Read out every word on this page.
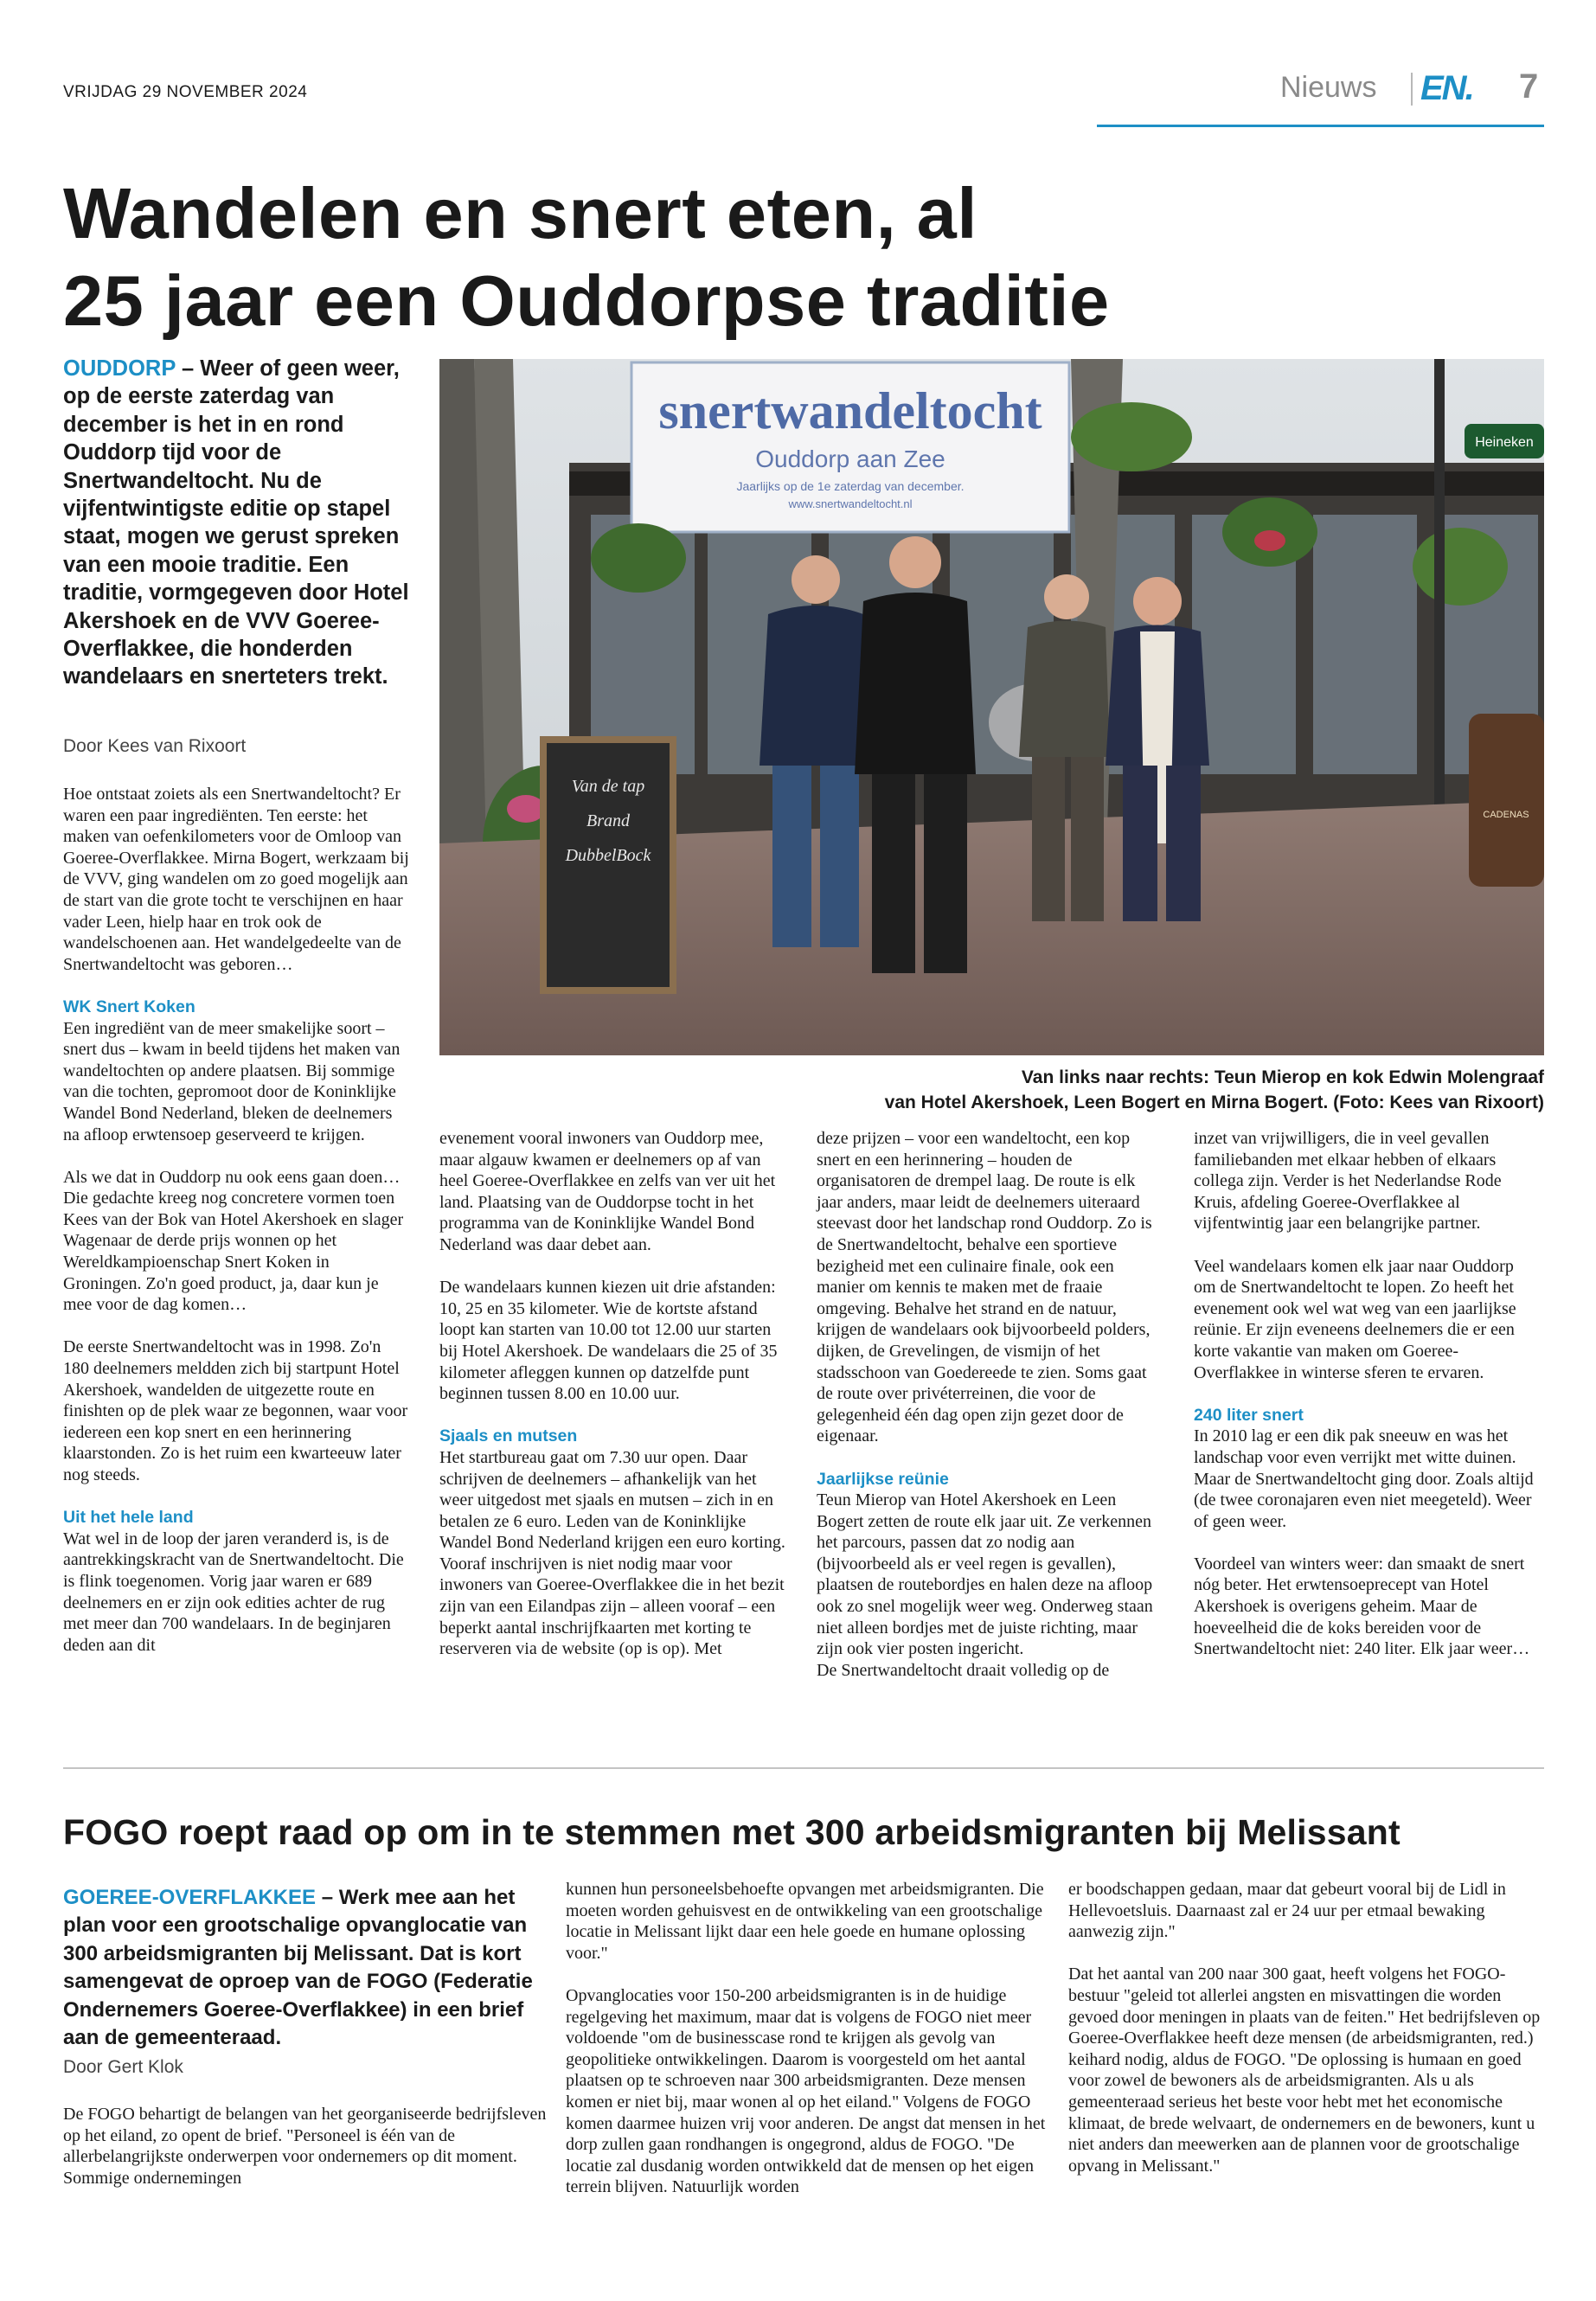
VRIJDAG 29 NOVEMBER 2024	Nieuws EN. 7
Wandelen en snert eten, al
25 jaar een Ouddorpse traditie
OUDDORP – Weer of geen weer, op de eerste zaterdag van december is het in en rond Ouddorp tijd voor de Snertwandeltocht. Nu de vijfentwintigste editie op stapel staat, mogen we gerust spreken van een mooie traditie. Een traditie, vormgegeven door Hotel Akershoek en de VVV Goeree-Overflakkee, die honderden wandelaars en snerteters trekt.
Door Kees van Rixoort

Hoe ontstaat zoiets als een Snertwandeltocht? Er waren een paar ingrediënten. Ten eerste: het maken van oefenkilometers voor de Omloop van Goeree-Overflakkee. Mirna Bogert, werkzaam bij de VVV, ging wandelen om zo goed mogelijk aan de start van die grote tocht te verschijnen en haar vader Leen, hielp haar en trok ook de wandelschoenen aan. Het wandelgedeelte van de Snertwandeltocht was geboren…

WK Snert Koken

Een ingrediënt van de meer smakelijke soort – snert dus – kwam in beeld tijdens het maken van wandeltochten op andere plaatsen. Bij sommige van die tochten, gepromoot door de Koninklijke Wandel Bond Nederland, bleken de deelnemers na afloop erwtensoep geserveerd te krijgen.

Als we dat in Ouddorp nu ook eens gaan doen… Die gedachte kreeg nog concretere vormen toen Kees van der Bok van Hotel Akershoek en slager Wagenaar de derde prijs wonnen op het Wereldkampioenschap Snert Koken in Groningen. Zo'n goed product, ja, daar kun je mee voor de dag komen…

De eerste Snertwandeltocht was in 1998. Zo'n 180 deelnemers meldden zich bij startpunt Hotel Akershoek, wandelden de uitgezette route en finishten op de plek waar ze begonnen, waar voor iedereen een kop snert en een herinnering klaarstonden. Zo is het ruim een kwarteeuw later nog steeds.

Uit het hele land

Wat wel in de loop der jaren veranderd is, is de aantrekkingskracht van de Snertwandeltocht. Die is flink toegenomen. Vorig jaar waren er 689 deelnemers en er zijn ook edities achter de rug met meer dan 700 wandelaars. In de beginjaren deden aan dit

snertwandeltocht
Ouddorp aan Zee
Jaarlijks op de 1e zaterdag van december.
www.snertwandeltocht.nl
Heineken
Van de tap
Brand
DubbelBock
CADENAS
Van links naar rechts: Teun Mierop en kok Edwin Molengraaf
van Hotel Akershoek, Leen Bogert en Mirna Bogert. (Foto: Kees van Rixoort)

evenement vooral inwoners van Ouddorp mee, maar algauw kwamen er deelnemers op af van heel Goeree-Overflakkee en zelfs van ver uit het land. Plaatsing van de Ouddorpse tocht in het programma van de Koninklijke Wandel Bond Nederland was daar debet aan.

De wandelaars kunnen kiezen uit drie afstanden: 10, 25 en 35 kilometer. Wie de kortste afstand loopt kan starten van 10.00 tot 12.00 uur starten bij Hotel Akershoek. De wandelaars die 25 of 35 kilometer afleggen kunnen op datzelfde punt beginnen tussen 8.00 en 10.00 uur.

Sjaals en mutsen

Het startbureau gaat om 7.30 uur open. Daar schrijven de deelnemers – afhankelijk van het weer uitgedost met sjaals en mutsen – zich in en betalen ze 6 euro. Leden van de Koninklijke Wandel Bond Nederland krijgen een euro korting. Vooraf inschrijven is niet nodig maar voor inwoners van Goeree-Overflakkee die in het bezit zijn van een Eilandpas zijn – alleen vooraf – een beperkt aantal inschrijfkaarten met korting te reserveren via de website (op is op). Met

deze prijzen – voor een wandeltocht, een kop snert en een herinnering – houden de organisatoren de drempel laag. De route is elk jaar anders, maar leidt de deelnemers uiteraard steevast door het landschap rond Ouddorp. Zo is de Snertwandeltocht, behalve een sportieve bezigheid met een culinaire finale, ook een manier om kennis te maken met de fraaie omgeving. Behalve het strand en de natuur, krijgen de wandelaars ook bijvoorbeeld polders, dijken, de Grevelingen, de vismijn of het stadsschoon van Goedereede te zien. Soms gaat de route over privéterreinen, die voor de gelegenheid één dag open zijn gezet door de eigenaar.

Jaarlijkse reünie

Teun Mierop van Hotel Akershoek en Leen Bogert zetten de route elk jaar uit. Ze verkennen het parcours, passen dat zo nodig aan (bijvoorbeeld als er veel regen is gevallen), plaatsen de routebordjes en halen deze na afloop ook zo snel mogelijk weer weg. Onderweg staan niet alleen bordjes met de juiste richting, maar zijn ook vier posten ingericht.

De Snertwandeltocht draait volledig op de

inzet van vrijwilligers, die in veel gevallen familiebanden met elkaar hebben of elkaars collega zijn. Verder is het Nederlandse Rode Kruis, afdeling Goeree-Overflakkee al vijfentwintig jaar een belangrijke partner.

Veel wandelaars komen elk jaar naar Ouddorp om de Snertwandeltocht te lopen. Zo heeft het evenement ook wel wat weg van een jaarlijkse reünie. Er zijn eveneens deelnemers die er een korte vakantie van maken om Goeree-Overflakkee in winterse sferen te ervaren.

240 liter snert

In 2010 lag er een dik pak sneeuw en was het landschap voor even verrijkt met witte duinen. Maar de Snertwandeltocht ging door. Zoals altijd (de twee coronajaren even niet meegeteld). Weer of geen weer.

Voordeel van winters weer: dan smaakt de snert nóg beter. Het erwtensoeprecept van Hotel Akershoek is overigens geheim. Maar de hoeveelheid die de koks bereiden voor de Snertwandeltocht niet: 240 liter. Elk jaar weer…

FOGO roept raad op om in te stemmen met 300 arbeidsmigranten bij Melissant
GOEREE-OVERFLAKKEE – Werk mee aan het plan voor een grootschalige opvanglocatie van 300 arbeidsmigranten bij Melissant. Dat is kort samengevat de oproep van de FOGO (Federatie Ondernemers Goeree-Overflakkee) in een brief aan de gemeenteraad.
Door Gert Klok

De FOGO behartigt de belangen van het georganiseerde bedrijfsleven op het eiland, zo opent de brief. "Personeel is één van de allerbelangrijkste onderwerpen voor ondernemers op dit moment. Sommige ondernemingen

kunnen hun personeelsbehoefte opvangen met arbeidsmigranten. Die moeten worden gehuisvest en de ontwikkeling van een grootschalige locatie in Melissant lijkt daar een hele goede en humane oplossing voor."

Opvanglocaties voor 150-200 arbeidsmigranten is in de huidige regelgeving het maximum, maar dat is volgens de FOGO niet meer voldoende "om de businesscase rond te krijgen als gevolg van geopolitieke ontwikkelingen. Daarom is voorgesteld om het aantal plaatsen op te schroeven naar 300 arbeidsmigranten. Deze mensen komen er niet bij, maar wonen al op het eiland." Volgens de FOGO komen daarmee huizen vrij voor anderen. De angst dat mensen in het dorp zullen gaan rondhangen is ongegrond, aldus de FOGO. "De locatie zal dusdanig worden ontwikkeld dat de mensen op het eigen terrein blijven. Natuurlijk worden

er boodschappen gedaan, maar dat gebeurt vooral bij de Lidl in Hellevoetsluis. Daarnaast zal er 24 uur per etmaal bewaking aanwezig zijn."

Dat het aantal van 200 naar 300 gaat, heeft volgens het FOGO-bestuur "geleid tot allerlei angsten en misvattingen die worden gevoed door meningen in plaats van de feiten." Het bedrijfsleven op Goeree-Overflakkee heeft deze mensen (de arbeidsmigranten, red.) keihard nodig, aldus de FOGO. "De oplossing is humaan en goed voor zowel de bewoners als de arbeidsmigranten. Als u als gemeenteraad serieus het beste voor hebt met het economische klimaat, de brede welvaart, de ondernemers en de bewoners, kunt u niet anders dan meewerken aan de plannen voor de grootschalige opvang in Melissant."
